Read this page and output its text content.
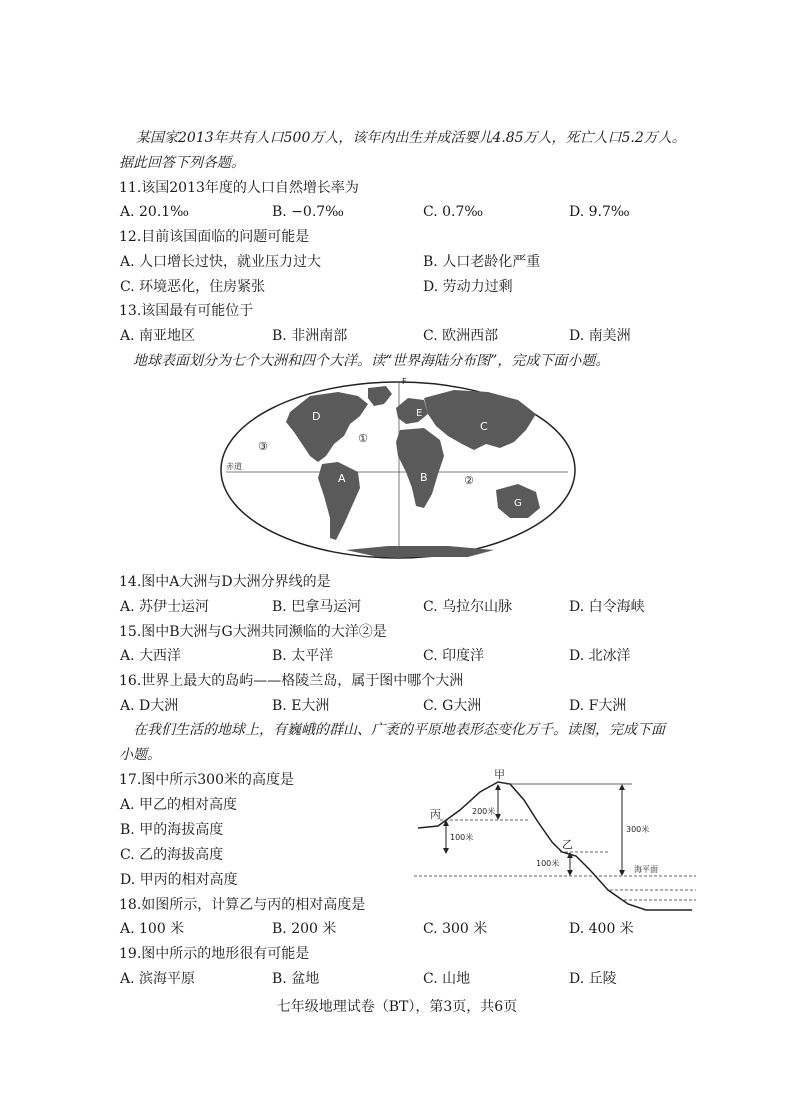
某国家2013年共有人口500万人，该年内出生并成活婴儿4.85万人，死亡人口5.2万人。
据此回答下列各题。
11.该国2013年度的人口自然增长率为
A. 20.1‰	B. −0.7‰	C. 0.7‰	D. 9.7‰
12.目前该国面临的问题可能是
A. 人口增长过快，就业压力过大	B. 人口老龄化严重
C. 环境恶化，住房紧张	D. 劳动力过剩
13.该国最有可能位于
A. 南亚地区	B. 非洲南部	C. 欧洲西部	D. 南美洲
地球表面划分为七个大洲和四个大洋。读“世界海陆分布图”，完成下面小题。
D
A	B
C
E
G
F
①
②
③
赤道
14.图中A大洲与D大洲分界线的是
A. 苏伊士运河	B. 巴拿马运河	C. 乌拉尔山脉	D. 白令海峡
15.图中B大洲与G大洲共同濒临的大洋②是
A. 大西洋	B. 太平洋	C. 印度洋	D. 北冰洋
16.世界上最大的岛屿——格陵兰岛，属于图中哪个大洲
A. D大洲	B. E大洲	C. G大洲	D. F大洲
在我们生活的地球上，有巍峨的群山、广袤的平原地表形态变化万千。读图，完成下面
小题。
17.图中所示300米的高度是
A. 甲乙的相对高度
B. 甲的海拔高度
C. 乙的海拔高度
D. 甲丙的相对高度
甲
乙
丙	200米
100米
100米
300米
海平面
18.如图所示，计算乙与丙的相对高度是
A. 100 米	B. 200 米	C. 300 米	D. 400 米
19.图中所示的地形很有可能是
A. 滨海平原	B. 盆地	C. 山地	D. 丘陵
七年级地理试卷（BT），第3页，共6页
